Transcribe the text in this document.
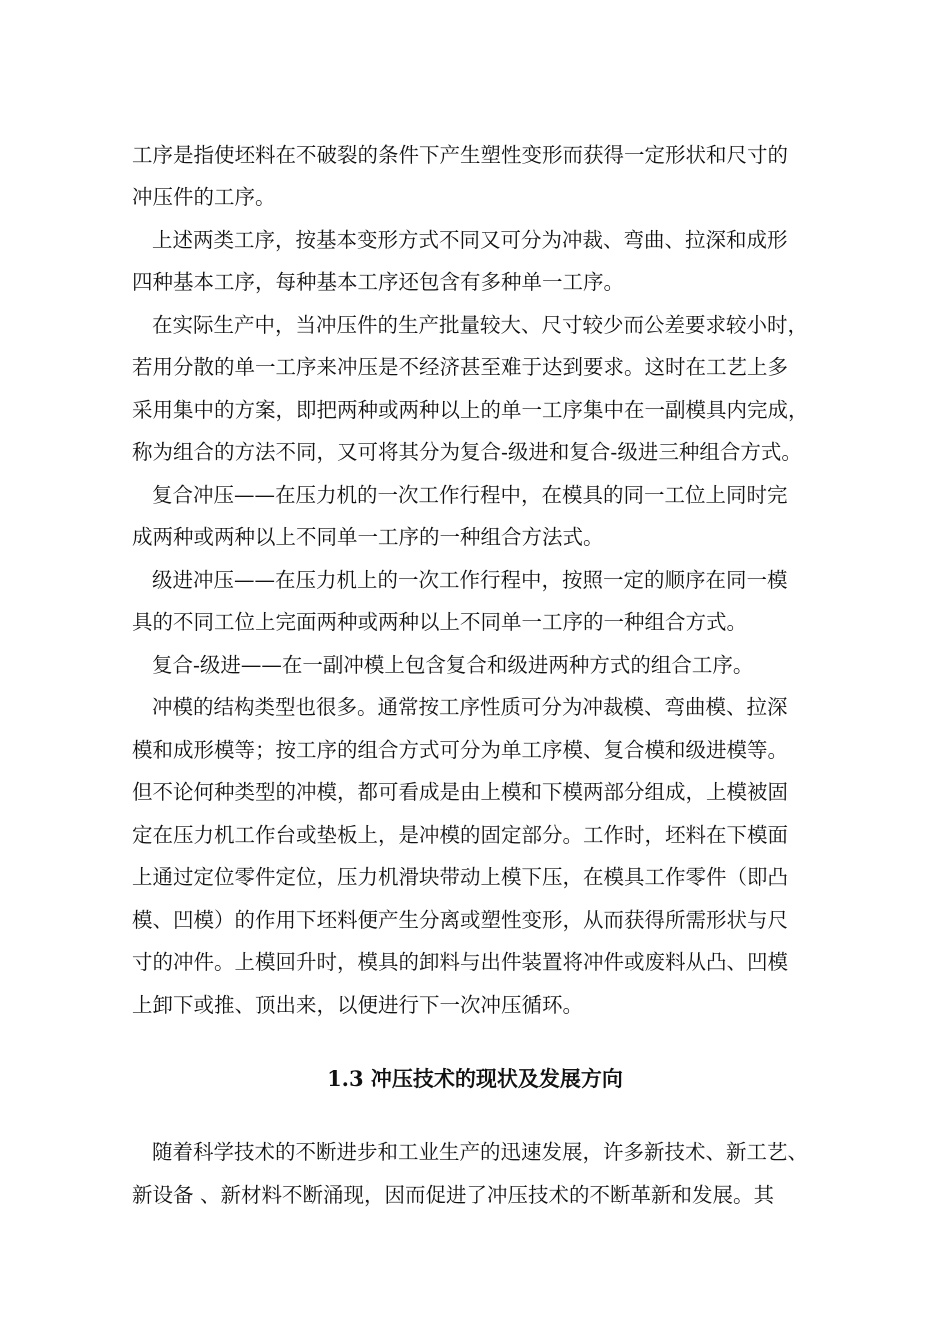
工序是指使坯料在不破裂的条件下产生塑性变形而获得一定形状和尺寸的
冲压件的工序。
上述两类工序，按基本变形方式不同又可分为冲裁、弯曲、拉深和成形
四种基本工序，每种基本工序还包含有多种单一工序。
在实际生产中，当冲压件的生产批量较大、尺寸较少而公差要求较小时，
若用分散的单一工序来冲压是不经济甚至难于达到要求。这时在工艺上多
采用集中的方案，即把两种或两种以上的单一工序集中在一副模具内完成，
称为组合的方法不同，又可将其分为复合-级进和复合-级进三种组合方式。
复合冲压——在压力机的一次工作行程中，在模具的同一工位上同时完
成两种或两种以上不同单一工序的一种组合方法式。
级进冲压——在压力机上的一次工作行程中，按照一定的顺序在同一模
具的不同工位上完面两种或两种以上不同单一工序的一种组合方式。
复合-级进——在一副冲模上包含复合和级进两种方式的组合工序。
冲模的结构类型也很多。通常按工序性质可分为冲裁模、弯曲模、拉深
模和成形模等；按工序的组合方式可分为单工序模、复合模和级进模等。
但不论何种类型的冲模，都可看成是由上模和下模两部分组成，上模被固
定在压力机工作台或垫板上，是冲模的固定部分。工作时，坯料在下模面
上通过定位零件定位，压力机滑块带动上模下压，在模具工作零件（即凸
模、凹模）的作用下坯料便产生分离或塑性变形，从而获得所需形状与尺
寸的冲件。上模回升时，模具的卸料与出件装置将冲件或废料从凸、凹模
上卸下或推、顶出来，以便进行下一次冲压循环。
1.3 冲压技术的现状及发展方向
随着科学技术的不断进步和工业生产的迅速发展，许多新技术、新工艺、
新设备 、新材料不断涌现，因而促进了冲压技术的不断革新和发展。其
